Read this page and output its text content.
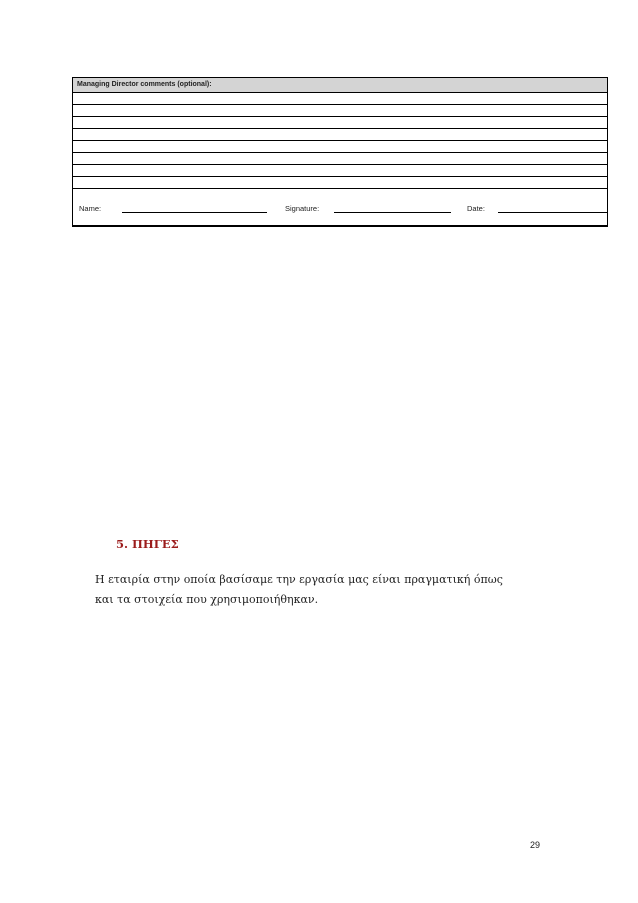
Managing Director comments (optional):
Name:	Signature:	Date:
5. ΠΗΓΕΣ
Η εταιρία στην οποία βασίσαμε την εργασία μας είναι πραγματική όπως
και τα στοιχεία που χρησιμοποιήθηκαν.
29
